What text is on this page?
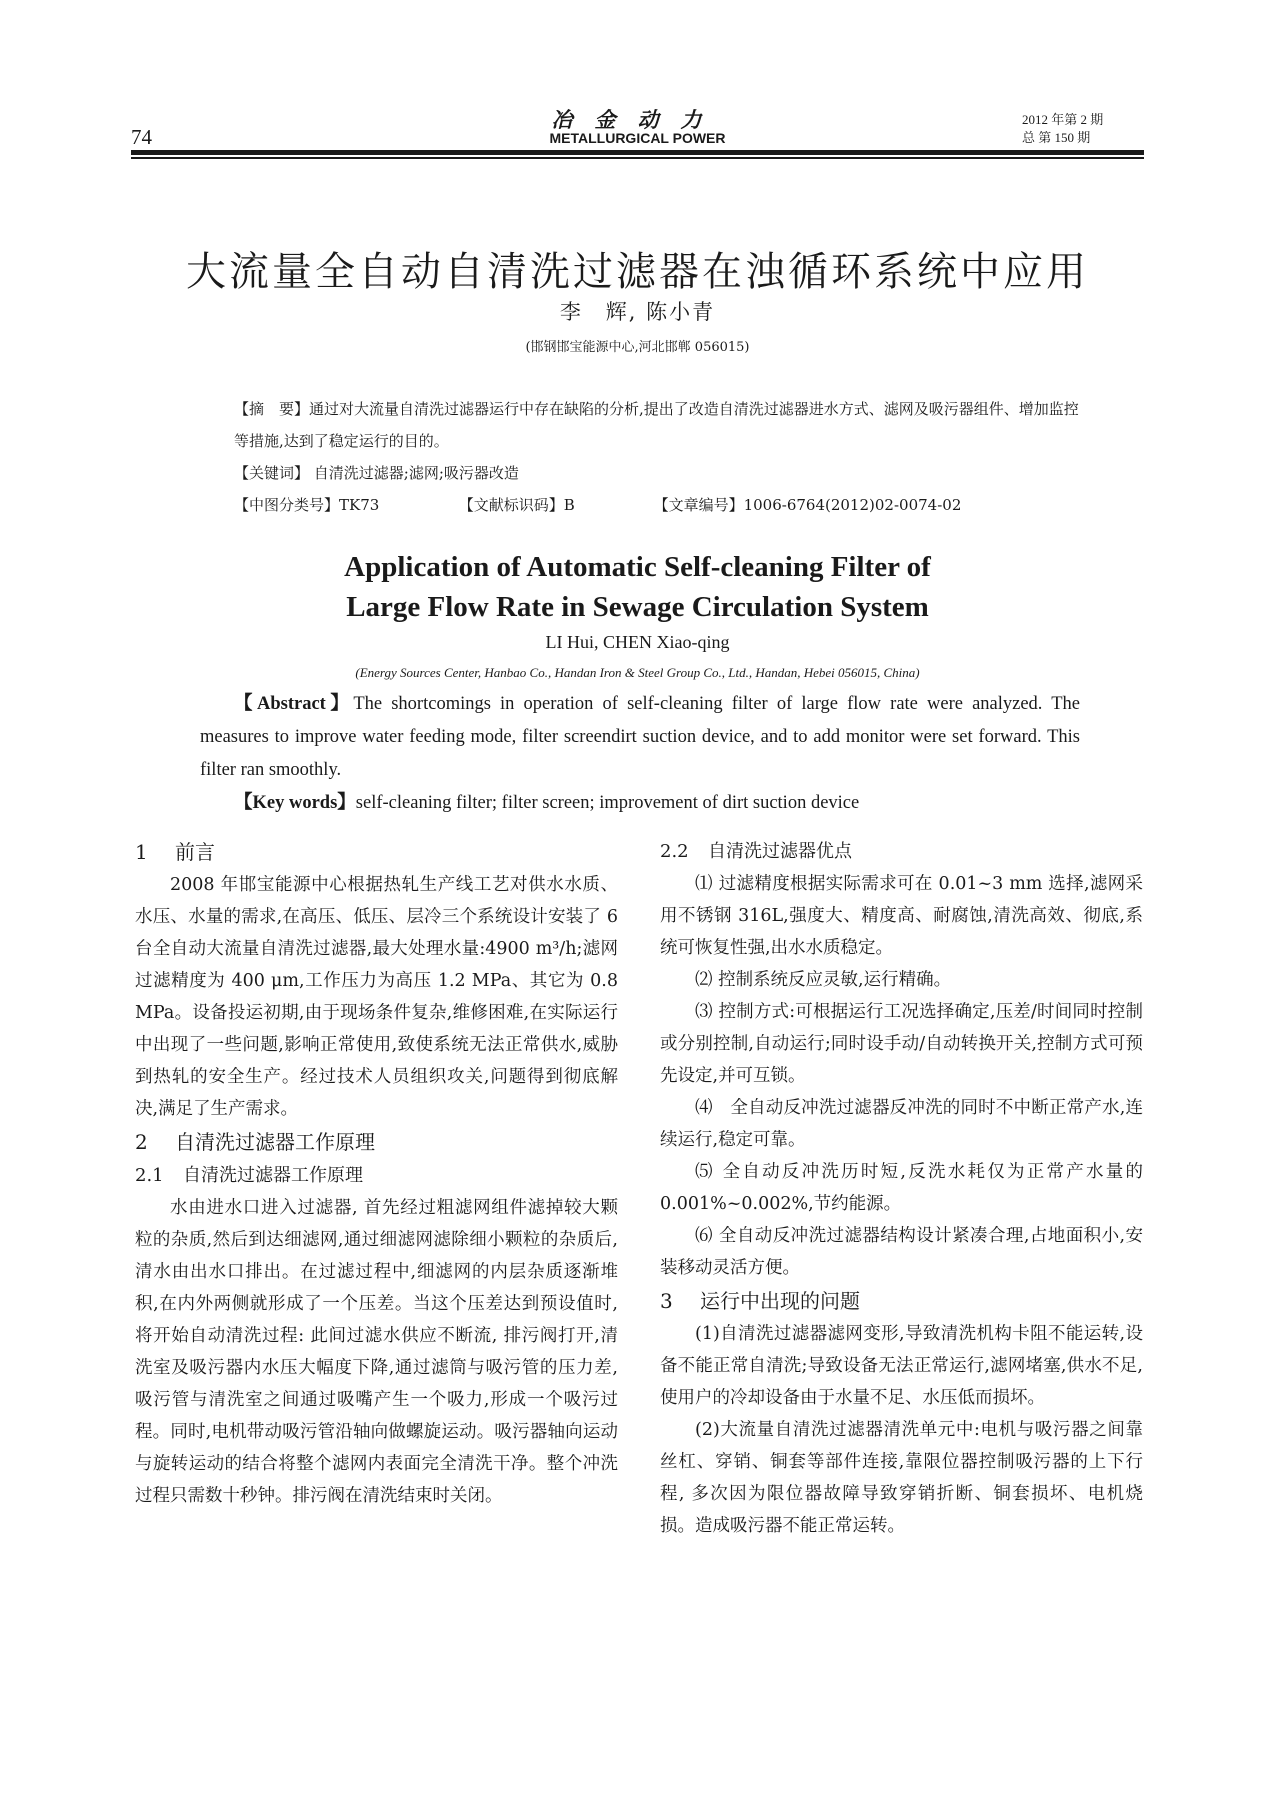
74
冶金动力
METALLURGICAL POWER
2012 年第 2 期
总 第 150 期
大流量全自动自清洗过滤器在浊循环系统中应用
李　辉, 陈小青
(邯钢邯宝能源中心,河北邯郸 056015)

【摘　要】通过对大流量自清洗过滤器运行中存在缺陷的分析,提出了改造自清洗过滤器进水方式、滤网及吸污器组件、增加监控等措施,达到了稳定运行的目的。

【关键词】 自清洗过滤器;滤网;吸污器改造

【中图分类号】TK73	【文献标识码】B	【文章编号】1006-6764(2012)02-0074-02

Application of Automatic Self-cleaning Filter of
Large Flow Rate in Sewage Circulation System
LI Hui, CHEN Xiao-qing
(Energy Sources Center, Hanbao Co., Handan Iron & Steel Group Co., Ltd., Handan, Hebei 056015, China)

【Abstract】The shortcomings in operation of self-cleaning filter of large flow rate were analyzed. The measures to improve water feeding mode, filter screendirt suction device, and to add monitor were set forward. This filter ran smoothly.

【Key words】self-cleaning filter; filter screen; improvement of dirt suction device

1 前言

2008 年邯宝能源中心根据热轧生产线工艺对供水水质、水压、水量的需求,在高压、低压、层冷三个系统设计安装了 6 台全自动大流量自清洗过滤器,最大处理水量:4900 m³/h;滤网过滤精度为 400 μm,工作压力为高压 1.2 MPa、其它为 0.8 MPa。设备投运初期,由于现场条件复杂,维修困难,在实际运行中出现了一些问题,影响正常使用,致使系统无法正常供水,威胁到热轧的安全生产。经过技术人员组织攻关,问题得到彻底解决,满足了生产需求。

2 自清洗过滤器工作原理
2.1 自清洗过滤器工作原理

水由进水口进入过滤器, 首先经过粗滤网组件滤掉较大颗粒的杂质,然后到达细滤网,通过细滤网滤除细小颗粒的杂质后,清水由出水口排出。在过滤过程中,细滤网的内层杂质逐渐堆积,在内外两侧就形成了一个压差。当这个压差达到预设值时,将开始自动清洗过程: 此间过滤水供应不断流, 排污阀打开,清洗室及吸污器内水压大幅度下降,通过滤筒与吸污管的压力差, 吸污管与清洗室之间通过吸嘴产生一个吸力,形成一个吸污过程。同时,电机带动吸污管沿轴向做螺旋运动。吸污器轴向运动与旋转运动的结合将整个滤网内表面完全清洗干净。整个冲洗过程只需数十秒钟。排污阀在清洗结束时关闭。

2.2 自清洗过滤器优点

⑴ 过滤精度根据实际需求可在 0.01~3 mm 选择,滤网采用不锈钢 316L,强度大、精度高、耐腐蚀,清洗高效、彻底,系统可恢复性强,出水水质稳定。

⑵ 控制系统反应灵敏,运行精确。

⑶ 控制方式:可根据运行工况选择确定,压差/时间同时控制或分别控制,自动运行;同时设手动/自动转换开关,控制方式可预先设定,并可互锁。

⑷　全自动反冲洗过滤器反冲洗的同时不中断正常产水,连续运行,稳定可靠。

⑸ 全自动反冲洗历时短,反洗水耗仅为正常产水量的 0.001%~0.002%,节约能源。

⑹ 全自动反冲洗过滤器结构设计紧凑合理,占地面积小,安装移动灵活方便。

3 运行中出现的问题

(1)自清洗过滤器滤网变形,导致清洗机构卡阻不能运转,设备不能正常自清洗;导致设备无法正常运行,滤网堵塞,供水不足,使用户的冷却设备由于水量不足、水压低而损坏。

(2)大流量自清洗过滤器清洗单元中:电机与吸污器之间靠丝杠、穿销、铜套等部件连接,靠限位器控制吸污器的上下行程, 多次因为限位器故障导致穿销折断、铜套损坏、电机烧损。造成吸污器不能正常运转。
